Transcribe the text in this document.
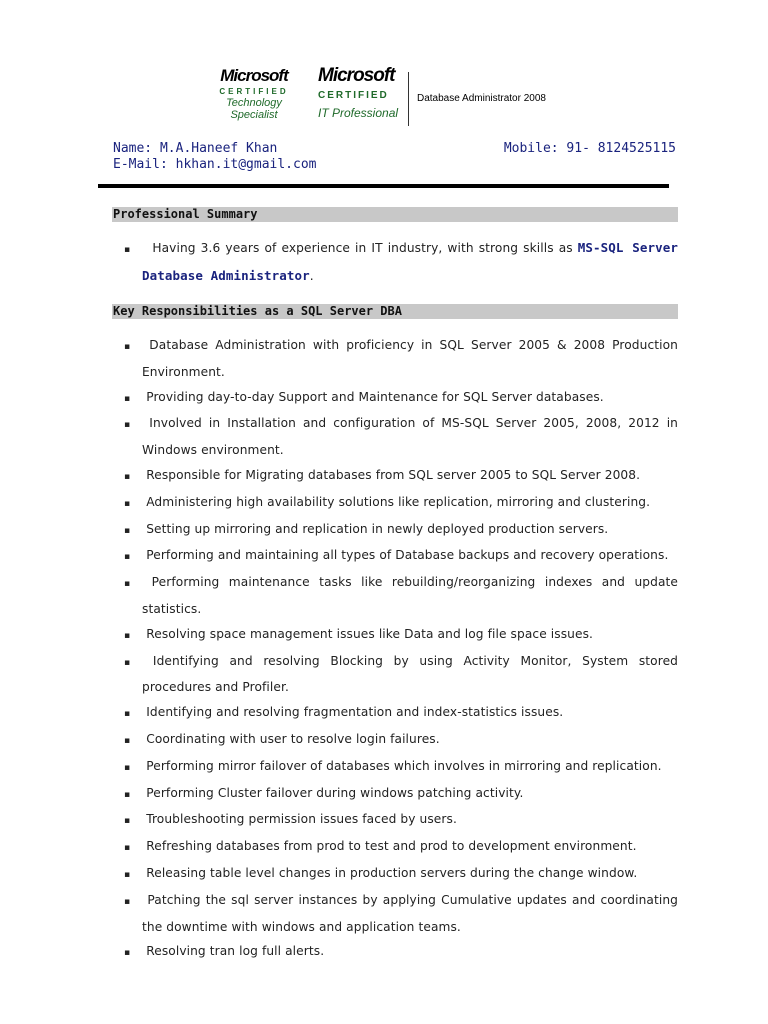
Microsoft
CERTIFIED
Technology
Specialist
Microsoft
CERTIFIED
IT Professional
Database Administrator 2008
Name: M.A.Haneef Khan
E-Mail: hkhan.it@gmail.com
Mobile: 91- 8124525115
Professional Summary
▪ Having 3.6 years of experience in IT industry, with strong skills as MS-SQL Server Database Administrator.
Key Responsibilities as a SQL Server DBA
▪ Database Administration with proficiency in SQL Server 2005 & 2008 Production Environment.
▪ Providing day-to-day Support and Maintenance for SQL Server databases.
▪ Involved in Installation and configuration of MS-SQL Server 2005, 2008, 2012 in Windows environment.
▪ Responsible for Migrating databases from SQL server 2005 to SQL Server 2008.
▪ Administering high availability solutions like replication, mirroring and clustering.
▪ Setting up mirroring and replication in newly deployed production servers.
▪ Performing and maintaining all types of Database backups and recovery operations.
▪ Performing maintenance tasks like rebuilding/reorganizing indexes and update statistics.
▪ Resolving space management issues like Data and log file space issues.
▪ Identifying and resolving Blocking by using Activity Monitor, System stored procedures and Profiler.
▪ Identifying and resolving fragmentation and index-statistics issues.
▪ Coordinating with user to resolve login failures.
▪ Performing mirror failover of databases which involves in mirroring and replication.
▪ Performing Cluster failover during windows patching activity.
▪ Troubleshooting permission issues faced by users.
▪ Refreshing databases from prod to test and prod to development environment.
▪ Releasing table level changes in production servers during the change window.
▪ Patching the sql server instances by applying Cumulative updates and coordinating the downtime with windows and application teams.
▪ Resolving tran log full alerts.
